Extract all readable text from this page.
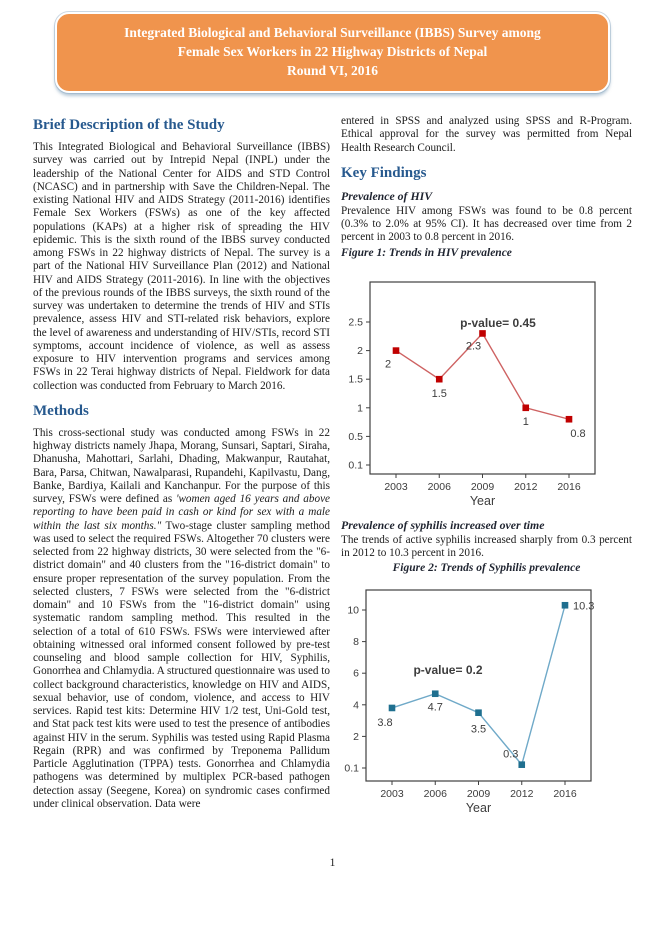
Integrated Biological and Behavioral Surveillance (IBBS) Survey among
Female Sex Workers in 22 Highway Districts of Nepal
Round VI, 2016
Brief Description of the Study

This Integrated Biological and Behavioral Surveillance (IBBS) survey was carried out by Intrepid Nepal (INPL) under the leadership of the National Center for AIDS and STD Control (NCASC) and in partnership with Save the Children-Nepal. The existing National HIV and AIDS Strategy (2011-2016) identifies Female Sex Workers (FSWs) as one of the key affected populations (KAPs) at a higher risk of spreading the HIV epidemic. This is the sixth round of the IBBS survey conducted among FSWs in 22 highway districts of Nepal. The survey is a part of the National HIV Surveillance Plan (2012) and National HIV and AIDS Strategy (2011-2016). In line with the objectives of the previous rounds of the IBBS surveys, the sixth round of the survey was undertaken to determine the trends of HIV and STIs prevalence, assess HIV and STI-related risk behaviors, explore the level of awareness and understanding of HIV/STIs, record STI symptoms, account incidence of violence, as well as assess exposure to HIV intervention programs and services among FSWs in 22 Terai highway districts of Nepal. Fieldwork for data collection was conducted from February to March 2016.

Methods

This cross-sectional study was conducted among FSWs in 22 highway districts namely Jhapa, Morang, Sunsari, Saptari, Siraha, Dhanusha, Mahottari, Sarlahi, Dhading, Makwanpur, Rautahat, Bara, Parsa, Chitwan, Nawalparasi, Rupandehi, Kapilvastu, Dang, Banke, Bardiya, Kailali and Kanchanpur. For the purpose of this survey, FSWs were defined as 'women aged 16 years and above reporting to have been paid in cash or kind for sex with a male within the last six months." Two-stage cluster sampling method was used to select the required FSWs. Altogether 70 clusters were selected from 22 highway districts, 30 were selected from the "6-district domain" and 40 clusters from the "16-district domain" to ensure proper representation of the survey population. From the selected clusters, 7 FSWs were selected from the "6-district domain" and 10 FSWs from the "16-district domain" using systematic random sampling method. This resulted in the selection of a total of 610 FSWs. FSWs were interviewed after obtaining witnessed oral informed consent followed by pre-test counseling and blood sample collection for HIV, Syphilis, Gonorrhea and Chlamydia. A structured questionnaire was used to collect background characteristics, knowledge on HIV and AIDS, sexual behavior, use of condom, violence, and access to HIV services. Rapid test kits: Determine HIV 1/2 test, Uni-Gold test, and Stat pack test kits were used to test the presence of antibodies against HIV in the serum. Syphilis was tested using Rapid Plasma Regain (RPR) and was confirmed by Treponema Pallidum Particle Agglutination (TPPA) tests. Gonorrhea and Chlamydia pathogens was determined by multiplex PCR-based pathogen detection assay (Seegene, Korea) on syndromic cases confirmed under clinical observation. Data were

entered in SPSS and analyzed using SPSS and R-Program. Ethical approval for the survey was permitted from Nepal Health Research Council.

Key Findings
Prevalence of HIV

Prevalence HIV among FSWs was found to be 0.8 percent (0.3% to 2.0% at 95% CI). It has decreased over time from 2 percent in 2003 to 0.8 percent in 2016.

Figure 1: Trends in HIV prevalence
2.5
2
1.5
1
0.5
0.1
2003 2006 2009 2012 2016
Year
2
1.5
2.3
1
0.8
p-value= 0.45
Prevalence of syphilis increased over time

The trends of active syphilis increased sharply from 0.3 percent in 2012 to 10.3 percent in 2016.

Figure 2: Trends of Syphilis prevalence
10
8
6
4
2
0.1
2003 2006 2009 2012 2016
Year
3.8
4.7
3.5
0.3
10.3
p-value= 0.2
1
